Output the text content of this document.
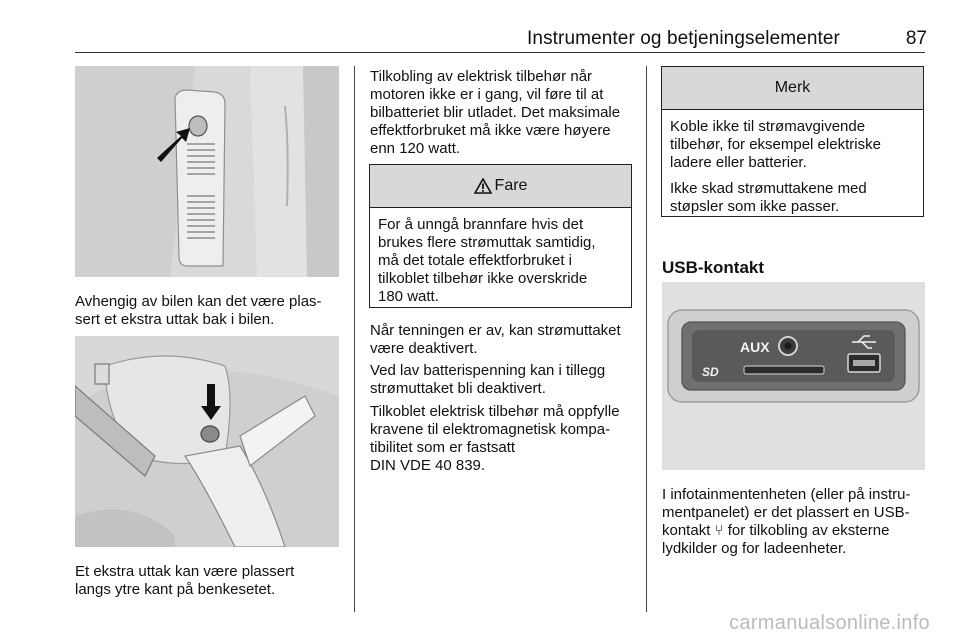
Instrumenter og betjeningselementer	87

Avhengig av bilen kan det være plas-
sert et ekstra uttak bak i bilen.

Et ekstra uttak kan være plassert
langs ytre kant på benkesetet.

Tilkobling av elektrisk tilbehør når
motoren ikke er i gang, vil føre til at
bilbatteriet blir utladet. Det maksimale
effektforbruket må ikke være høyere
enn 120 watt.

Fare

For å unngå brannfare hvis det
brukes flere strømuttak samtidig,
må det totale effektforbruket i
tilkoblet tilbehør ikke overskride
180 watt.

Når tenningen er av, kan strømuttaket
være deaktivert.

Ved lav batterispenning kan i tillegg
strømuttaket bli deaktivert.

Tilkoblet elektrisk tilbehør må oppfylle
kravene til elektromagnetisk kompa-
tibilitet som er fastsatt
DIN VDE 40 839.

Merk

Koble ikke til strømavgivende
tilbehør, for eksempel elektriske
ladere eller batterier.

Ikke skad strømuttakene med
støpsler som ikke passer.

USB-kontakt
AUX
SD

I infotainmentenheten (eller på instru-
mentpanelet) er det plassert en USB-
kontakt ⑂ for tilkobling av eksterne
lydkilder og for ladeenheter.

carmanualsonline.info
